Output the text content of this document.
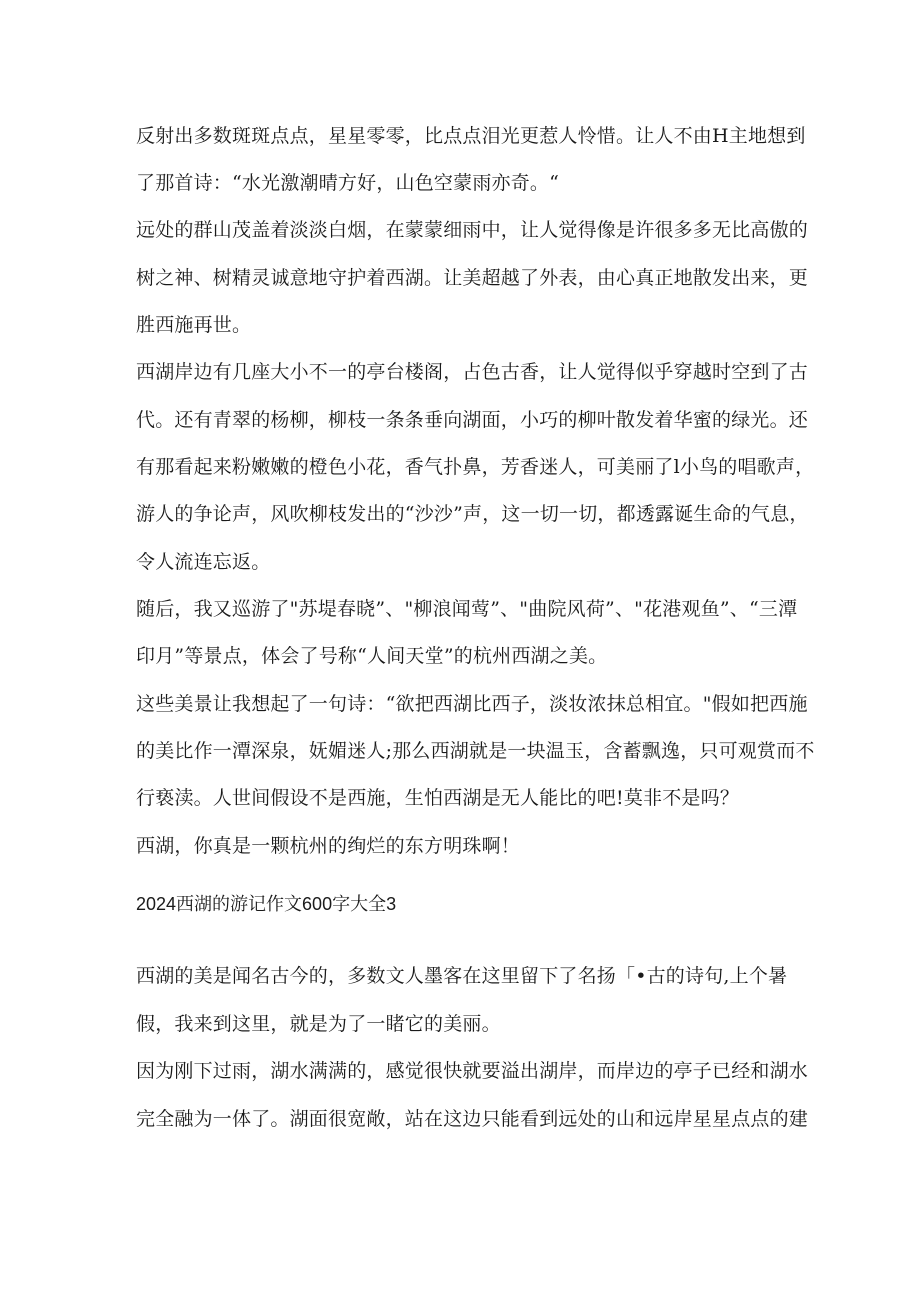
反射出多数斑斑点点，星星零零，比点点泪光更惹人怜惜。让人不由H主地想到
了那首诗：“水光激潮晴方好，山色空蒙雨亦奇。“
远处的群山茂盖着淡淡白烟，在蒙蒙细雨中，让人觉得像是许很多多无比高傲的
树之神、树精灵诚意地守护着西湖。让美超越了外表，由心真正地散发出来，更
胜西施再世。
西湖岸边有几座大小不一的亭台楼阁，占色古香，让人觉得似乎穿越时空到了古
代。还有青翠的杨柳，柳枝一条条垂向湖面，小巧的柳叶散发着华蜜的绿光。还
有那看起来粉嫩嫩的橙色小花，香气扑鼻，芳香迷人，可美丽了l小鸟的唱歌声，
游人的争论声，风吹柳枝发出的“沙沙”声，这一切一切，都透露诞生命的气息，
令人流连忘返。
随后，我又巡游了"苏堤春晓”、"柳浪闻莺”、"曲院风荷”、"花港观鱼”、“三潭
印月”等景点，体会了号称“人间天堂”的杭州西湖之美。
这些美景让我想起了一句诗：“欲把西湖比西子，淡妆浓抹总相宜。"假如把西施
的美比作一潭深泉，妩媚迷人;那么西湖就是一块温玉，含蓄飘逸，只可观赏而不
行亵渎。人世间假设不是西施，生怕西湖是无人能比的吧!莫非不是吗？
西湖，你真是一颗杭州的绚烂的东方明珠啊！
2024西湖的游记作文600字大全3
西湖的美是闻名古今的，多数文人墨客在这里留下了名扬「•古的诗句,上个暑
假，我来到这里，就是为了一睹它的美丽。
因为刚下过雨，湖水满满的，感觉很快就要溢出湖岸，而岸边的亭子已经和湖水
完全融为一体了。湖面很宽敞，站在这边只能看到远处的山和远岸星星点点的建
